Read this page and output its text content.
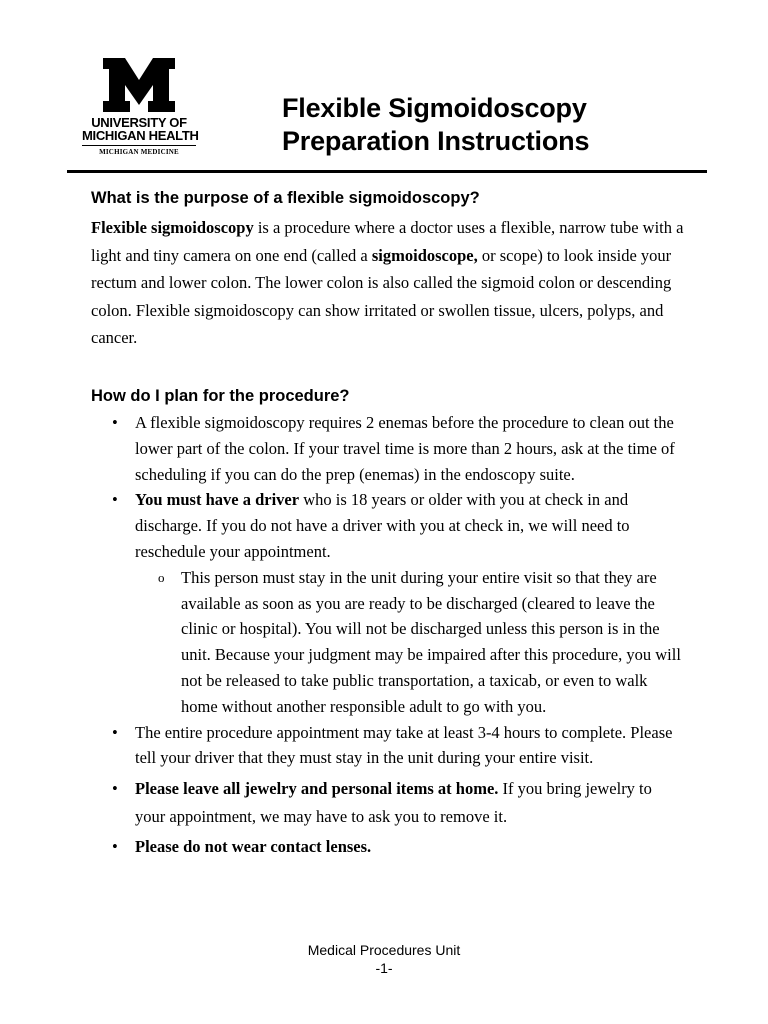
UNIVERSITY OF
MICHIGAN HEALTH
MICHIGAN MEDICINE
Flexible Sigmoidoscopy
Preparation Instructions
What is the purpose of a flexible sigmoidoscopy?

Flexible sigmoidoscopy is a procedure where a doctor uses a flexible, narrow tube with a light and tiny camera on one end (called a sigmoidoscope, or scope) to look inside your rectum and lower colon. The lower colon is also called the sigmoid colon or descending colon. Flexible sigmoidoscopy can show irritated or swollen tissue, ulcers, polyps, and cancer.

How do I plan for the procedure?
• A flexible sigmoidoscopy requires 2 enemas before the procedure to clean out the lower part of the colon. If your travel time is more than 2 hours, ask at the time of scheduling if you can do the prep (enemas) in the endoscopy suite.
• You must have a driver who is 18 years or older with you at check in and discharge. If you do not have a driver with you at check in, we will need to reschedule your appointment.
o This person must stay in the unit during your entire visit so that they are available as soon as you are ready to be discharged (cleared to leave the clinic or hospital). You will not be discharged unless this person is in the unit. Because your judgment may be impaired after this procedure, you will not be released to take public transportation, a taxicab, or even to walk home without another responsible adult to go with you.
• The entire procedure appointment may take at least 3-4 hours to complete. Please tell your driver that they must stay in the unit during your entire visit.
• Please leave all jewelry and personal items at home. If you bring jewelry to your appointment, we may have to ask you to remove it.
• Please do not wear contact lenses.
Medical Procedures Unit
-1-
